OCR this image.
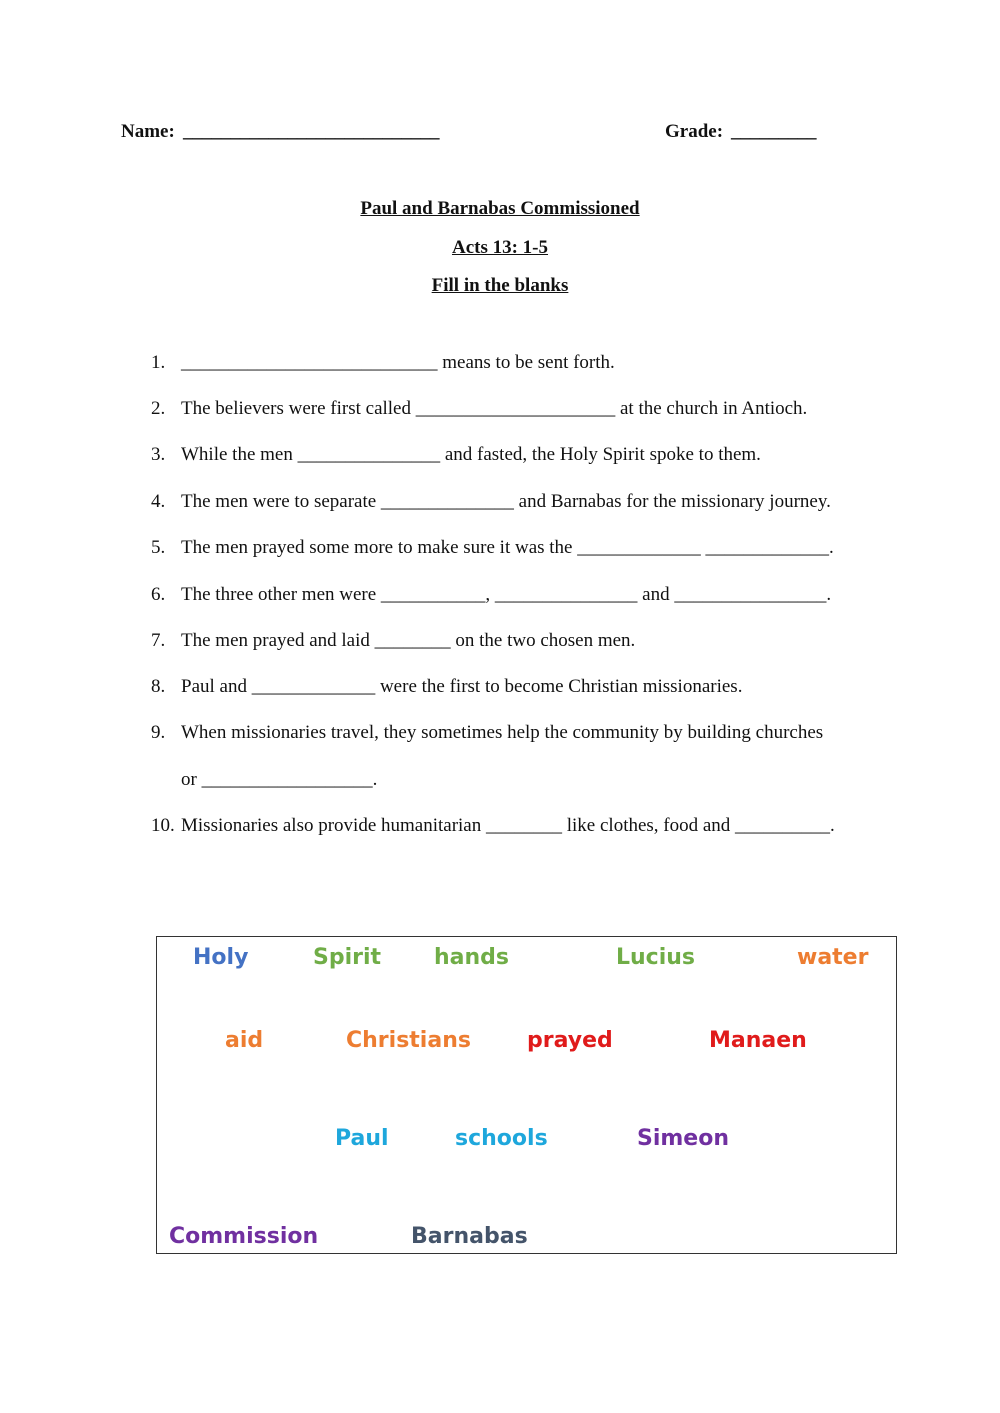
Name: ___________________________	Grade: _________
Paul and Barnabas Commissioned
Acts 13: 1-5
Fill in the blanks
1. ___________________________ means to be sent forth.
2. The believers were first called _____________________ at the church in Antioch.
3. While the men _______________ and fasted, the Holy Spirit spoke to them.
4. The men were to separate ______________ and Barnabas for the missionary journey.
5. The men prayed some more to make sure it was the _____________ _____________.
6. The three other men were ___________, _______________ and ________________.
7. The men prayed and laid ________ on the two chosen men.
8. Paul and _____________ were the first to become Christian missionaries.
9. When missionaries travel, they sometimes help the community by building churches
or __________________.
10. Missionaries also provide humanitarian ________ like clothes, food and __________.
Holy	Spirit hands	Lucius	water
aid	Christians	prayed	Manaen
Paul	schools	Simeon
Commission	Barnabas
